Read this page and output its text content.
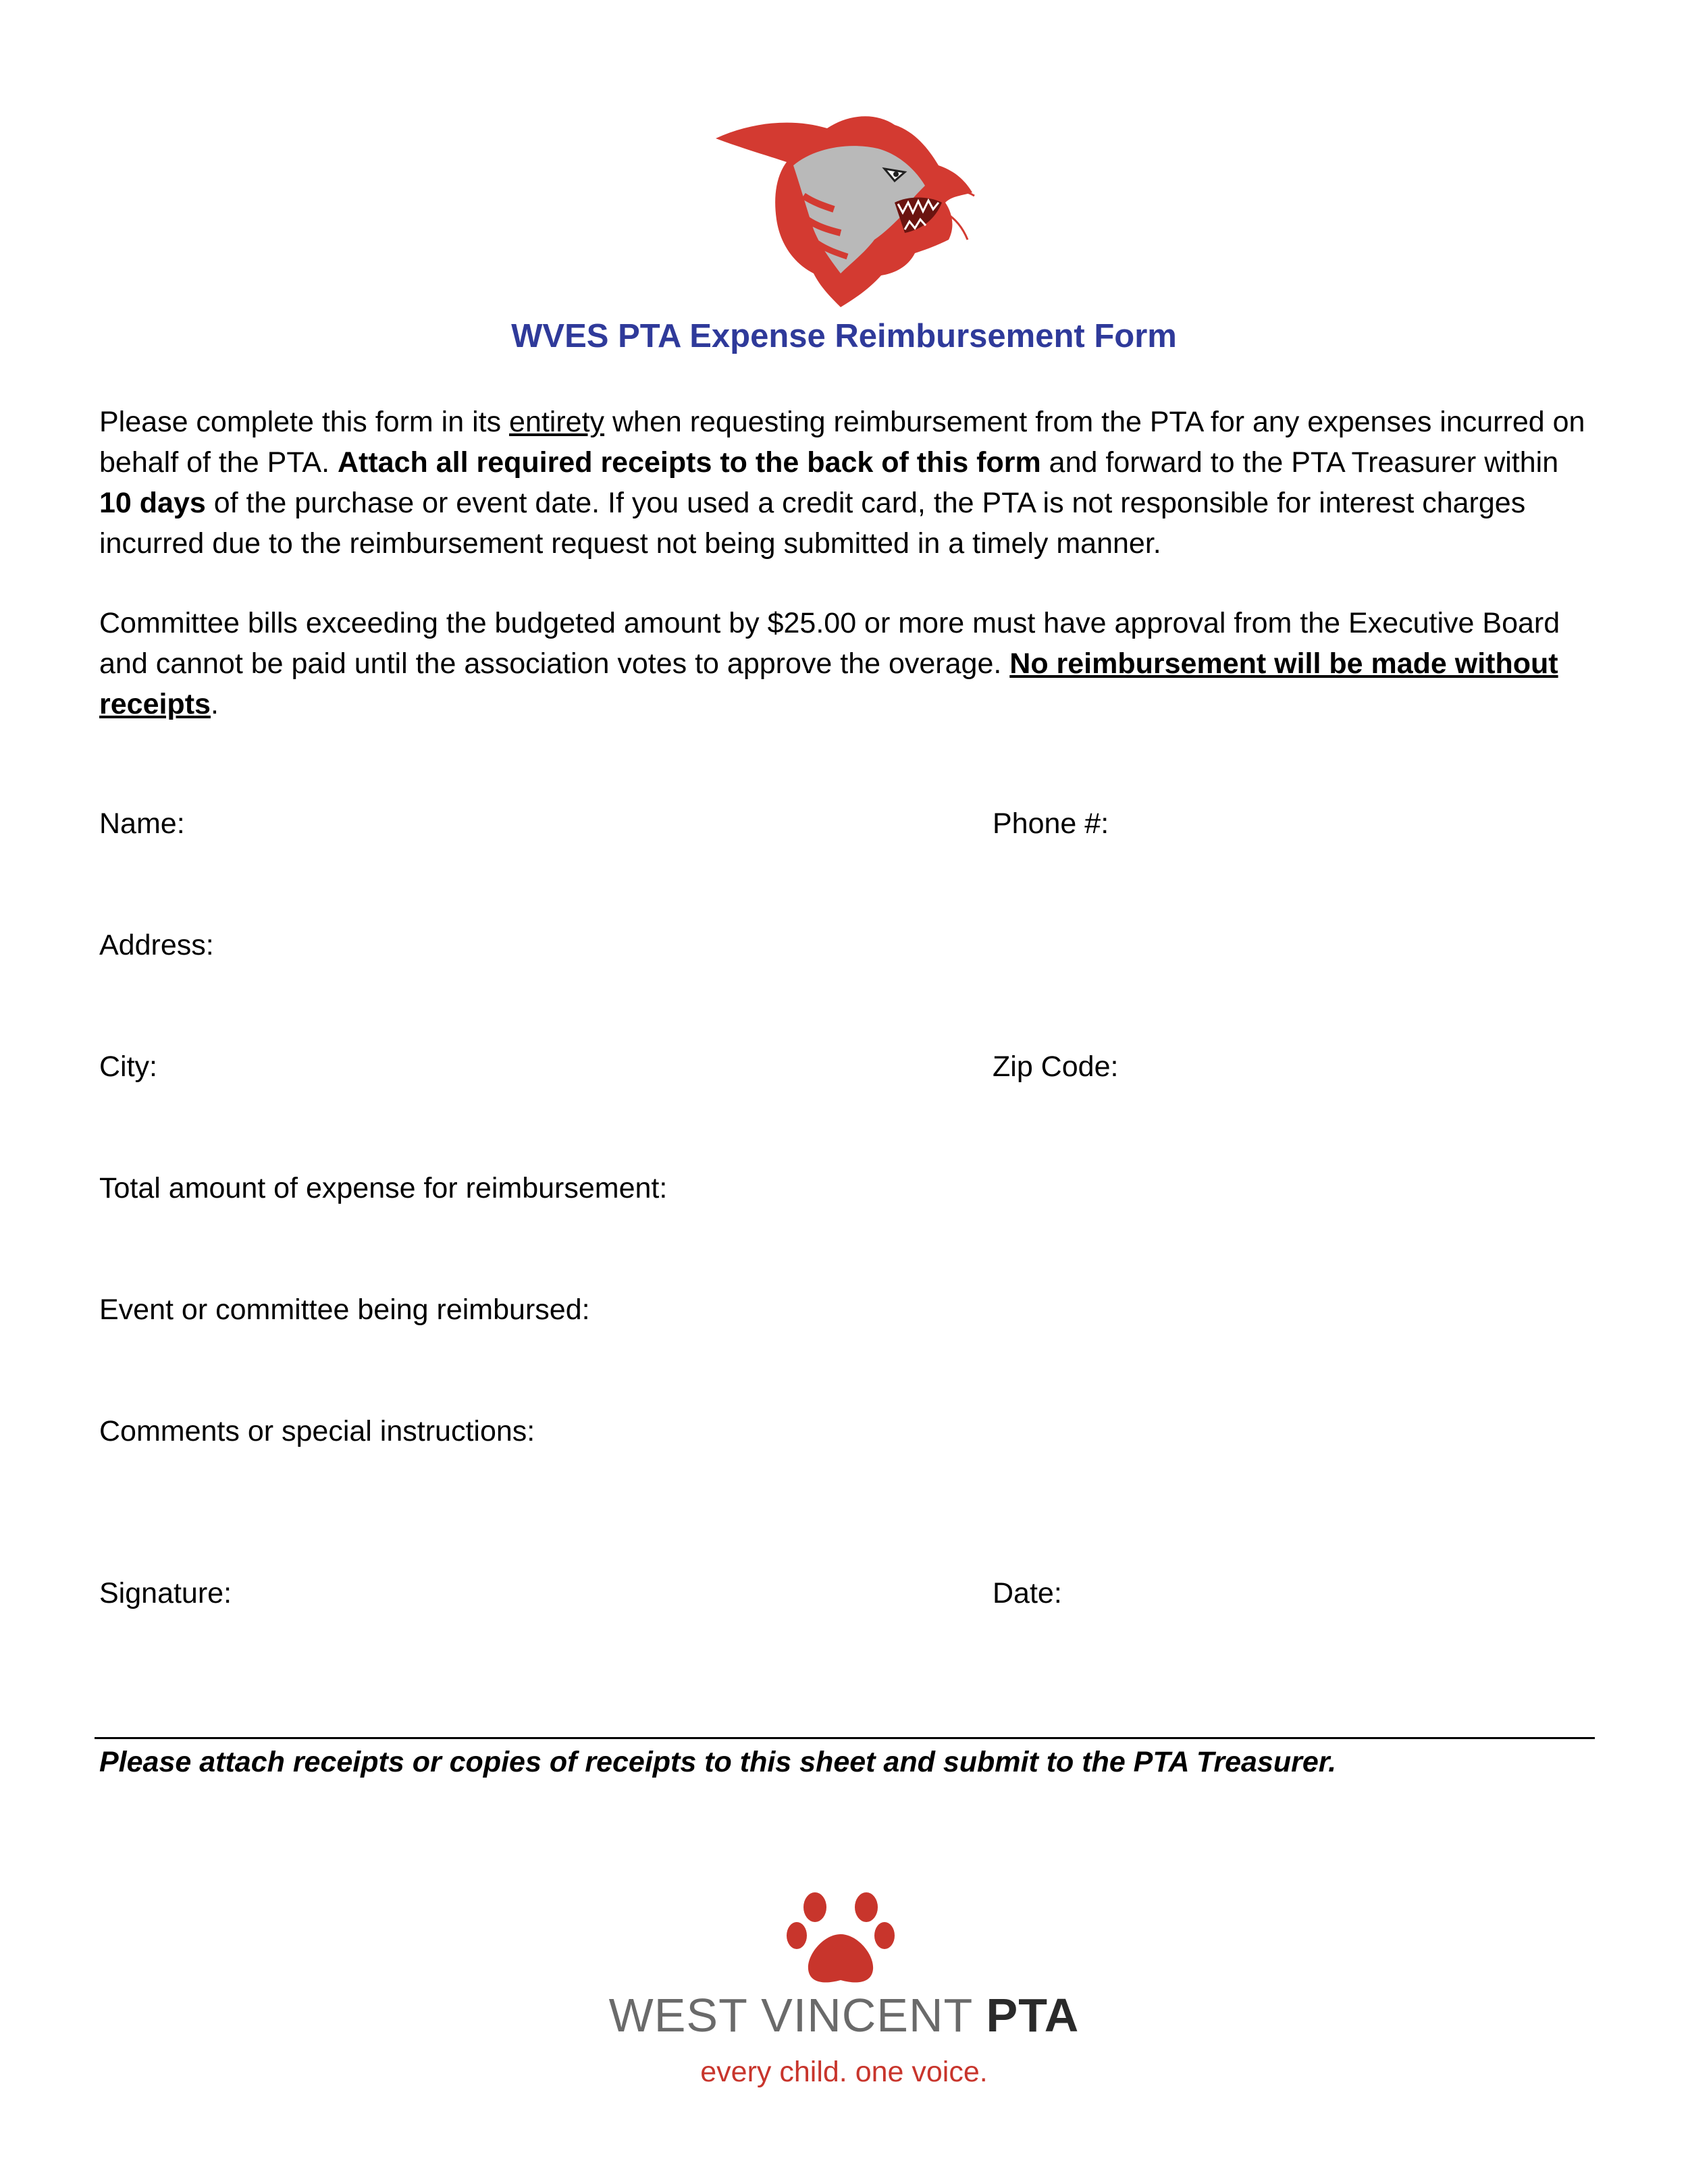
WVES PTA Expense Reimbursement Form

Please complete this form in its entirety when requesting reimbursement from the PTA for any expenses incurred on behalf of the PTA. Attach all required receipts to the back of this form and forward to the PTA Treasurer within 10 days of the purchase or event date. If you used a credit card, the PTA is not responsible for interest charges incurred due to the reimbursement request not being submitted in a timely manner.

Committee bills exceeding the budgeted amount by $25.00 or more must have approval from the Executive Board and cannot be paid until the association votes to approve the overage. No reimbursement will be made without receipts.

Name:	Phone #:
Address:
City:	Zip Code:
Total amount of expense for reimbursement:
Event or committee being reimbursed:
Comments or special instructions:
Signature:	Date:
Please attach receipts or copies of receipts to this sheet and submit to the PTA Treasurer.
WEST VINCENT PTA
every child. one voice.
